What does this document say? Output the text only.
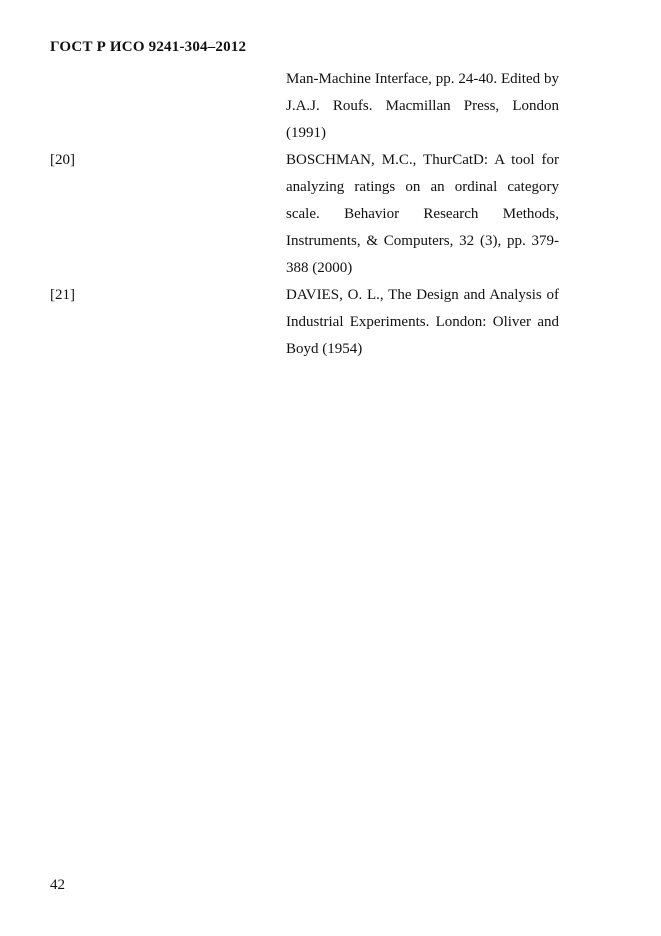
ГОСТ Р ИСО 9241-304–2012
Man-Machine Interface, pp. 24-40. Edited by J.A.J. Roufs. Macmillan Press, London (1991)
[20]	BOSCHMAN, M.C., ThurCatD: A tool for analyzing ratings on an ordinal category scale. Behavior Research Methods, Instruments, & Computers, 32 (3), pp. 379-388 (2000)
[21]	DAVIES, O. L., The Design and Analysis of Industrial Experiments. London: Oliver and Boyd (1954)
42
